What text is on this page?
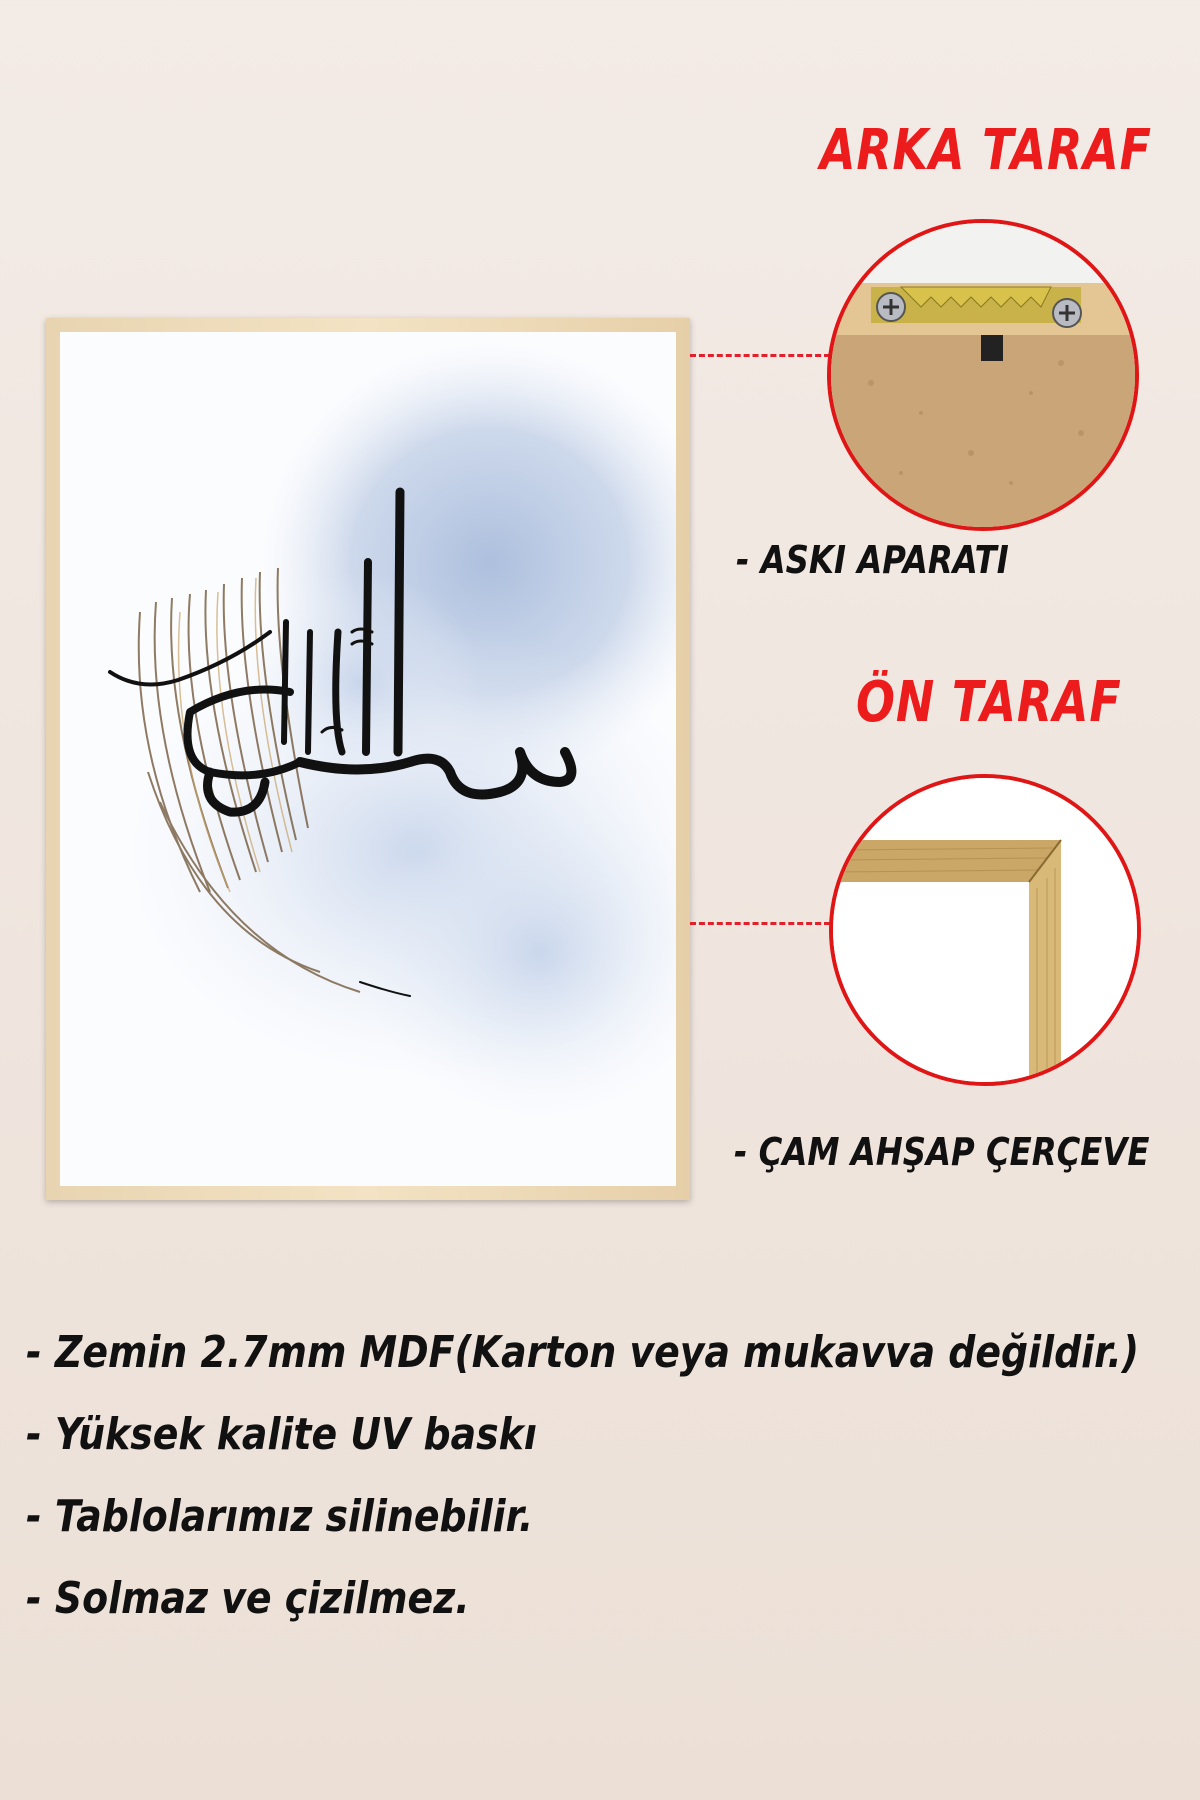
ARKA TARAF
- ASKI APARATI
ÖN TARAF
- ÇAM AHŞAP ÇERÇEVE
- Zemin 2.7mm MDF(Karton veya mukavva değildir.)
- Yüksek kalite UV baskı
- Tablolarımız silinebilir.
- Solmaz ve çizilmez.
